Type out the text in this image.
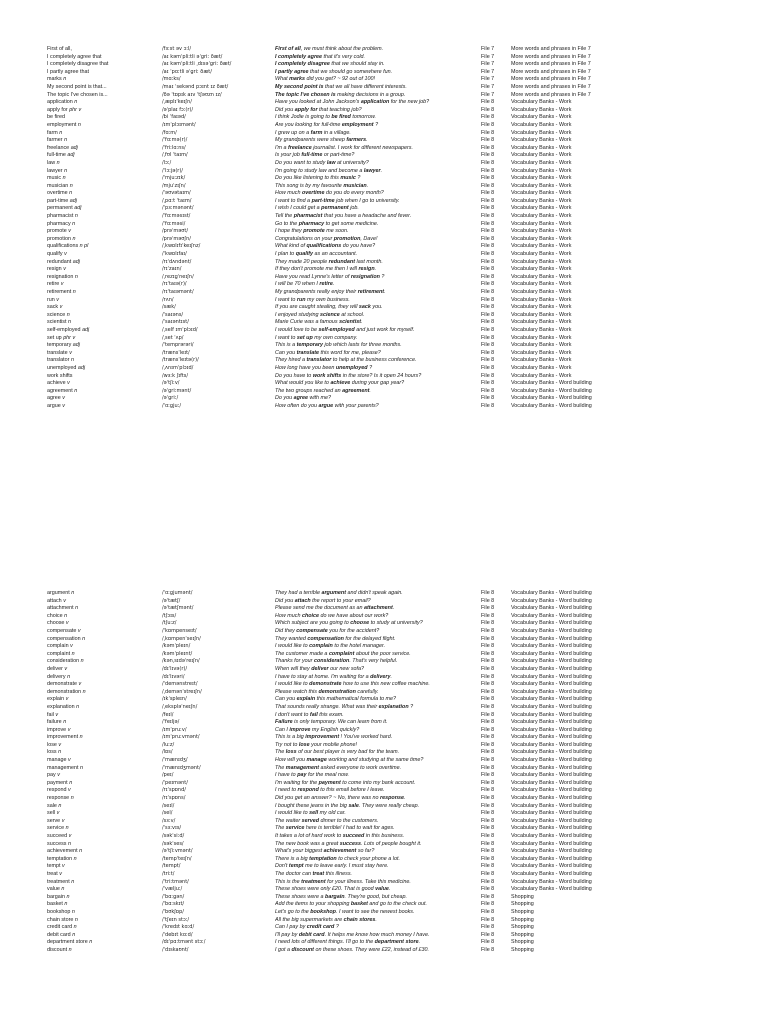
First of all,	/fɜːst əv ɔːl/	First of all, we must think about the problem.	File 7	More words and phrases in File 7
I completely agree that	/aɪ kəmˈpliːtli əˈɡriː ðæt/	I completely agree that it's very cold.	File 7	More words and phrases in File 7
I completely disagree that	/aɪ kəmˈpliːtli ˌdɪsəˈɡriː ðæt/	I completely disagree that we should stay in.	File 7	More words and phrases in File 7
I partly agree that	/aɪ ˈpɑːtli əˈɡriː ðæt/	I partly agree that we should go somewhere fun.	File 7	More words and phrases in File 7
marks n	/mɑːks/	What marks did you get? ~ 92 out of 100!	File 7	More words and phrases in File 7
My second point is that...	/maɪ ˈsekənd pɔɪnt ɪz ðæt/	My second point is that we all have different interests.	File 7	More words and phrases in File 7
The topic I've chosen is...	/ðə ˈtɒpɪk aɪv ˈtʃəʊzn ɪz/	The topic I've chosen is making decisions in a group.	File 7	More words and phrases in File 7
application n	/ˌæplɪˈkeɪʃn/	Have you looked at John Jackson's application for the new job?	File 8	Vocabulary Banks - Work
apply for phr v	/əˈplaɪ fɔː(r)/	Did you apply for that teaching job?	File 8	Vocabulary Banks - Work
be fired	/bi ˈfaɪəd/	I think Jodie is going to be fired tomorrow.	File 8	Vocabulary Banks - Work
employment n	/ɪmˈplɔɪmənt/	Are you looking for full-time employment ?	File 8	Vocabulary Banks - Work
farm n	/fɑːm/	I grew up on a farm in a village.	File 8	Vocabulary Banks - Work
farmer n	/ˈfɑːmə(r)/	My grandparents were sheep farmers.	File 8	Vocabulary Banks - Work
freelance adj	/ˈfriːlɑːns/	I'm a freelance journalist. I work for different newspapers.	File 8	Vocabulary Banks - Work
full-time adj	/ˌfʊl ˈtaɪm/	Is your job full-time or part-time?	File 8	Vocabulary Banks - Work
law n	/lɔː/	Do you want to study law at university?	File 8	Vocabulary Banks - Work
lawyer n	/ˈlɔːjə(r)/	I'm going to study law and become a lawyer.	File 8	Vocabulary Banks - Work
music n	/ˈmjuːzɪk/	Do you like listening to this music ?	File 8	Vocabulary Banks - Work
musician n	/mjuˈzɪʃn/	This song is by my favourite musician.	File 8	Vocabulary Banks - Work
overtime n	/ˈəʊvətaɪm/	How much overtime do you do every month?	File 8	Vocabulary Banks - Work
part-time adj	/ˌpɑːt ˈtaɪm/	I want to find a part-time job when I go to university.	File 8	Vocabulary Banks - Work
permanent adj	/ˈpɜːmənənt/	I wish I could get a permanent job.	File 8	Vocabulary Banks - Work
pharmacist n	/ˈfɑːməsɪst/	Tell the pharmacist that you have a headache and fever.	File 8	Vocabulary Banks - Work
pharmacy n	/ˈfɑːməsi/	Go to the pharmacy to get some medicine.	File 8	Vocabulary Banks - Work
promote v	/prəˈməʊt/	I hope they promote me soon.	File 8	Vocabulary Banks - Work
promotion n	/prəˈməʊʃn/	Congratulations on your promotion, Dave!	File 8	Vocabulary Banks - Work
qualifications n pl	/ˌkwɒlɪfɪˈkeɪʃnz/	What kind of qualifications do you have?	File 8	Vocabulary Banks - Work
qualify v	/ˈkwɒlɪfaɪ/	I plan to qualify as an accountant.	File 8	Vocabulary Banks - Work
redundant adj	/rɪˈdʌndənt/	They made 20 people redundant last month.	File 8	Vocabulary Banks - Work
resign v	/rɪˈzaɪn/	If they don't promote me then I will resign.	File 8	Vocabulary Banks - Work
resignation n	/ˌrezɪɡˈneɪʃn/	Have you read Lynne's letter of resignation ?	File 8	Vocabulary Banks - Work
retire v	/rɪˈtaɪə(r)/	I will be 70 when I retire.	File 8	Vocabulary Banks - Work
retirement n	/rɪˈtaɪəmənt/	My grandparents really enjoy their retirement.	File 8	Vocabulary Banks - Work
run v	/rʌn/	I want to run my own business.	File 8	Vocabulary Banks - Work
sack v	/sæk/	If you are caught stealing, they will sack you.	File 8	Vocabulary Banks - Work
science n	/ˈsaɪəns/	I enjoyed studying science at school.	File 8	Vocabulary Banks - Work
scientist n	/ˈsaɪəntɪst/	Marie Curie was a famous scientist.	File 8	Vocabulary Banks - Work
self-employed adj	/ˌself ɪmˈplɔɪd/	I would love to be self-employed and just work for myself.	File 8	Vocabulary Banks - Work
set up phr v	/ˌset ˈʌp/	I want to set up my own company.	File 8	Vocabulary Banks - Work
temporary adj	/ˈtemprərəri/	This is a temporary job which lasts for three months.	File 8	Vocabulary Banks - Work
translate v	/trænsˈleɪt/	Can you translate this word for me, please?	File 8	Vocabulary Banks - Work
translator n	/trænsˈleɪtə(r)/	They hired a translator to help at the business conference.	File 8	Vocabulary Banks - Work
unemployed adj	/ˌʌnɪmˈplɔɪd/	How long have you been unemployed ?	File 8	Vocabulary Banks - Work
work shifts	/wɜːk ʃɪfts/	Do you have to work shifts in the store? Is it open 24 hours?	File 8	Vocabulary Banks - Work
achieve v	/əˈtʃiːv/	What would you like to achieve during your gap year?	File 8	Vocabulary Banks - Word building
agreement n	/əˈɡriːmənt/	The two groups reached an agreement.	File 8	Vocabulary Banks - Word building
agree v	/əˈɡriː/	Do you agree with me?	File 8	Vocabulary Banks - Word building
argue v	/ˈɑːɡjuː/	How often do you argue with your parents?	File 8	Vocabulary Banks - Word building
argument n	/ˈɑːɡjumənt/	They had a terrible argument and didn't speak again.	File 8	Vocabulary Banks - Word building
attach v	/əˈtætʃ/	Did you attach the report to your email?	File 8	Vocabulary Banks - Word building
attachment n	/əˈtætʃmənt/	Please send me the document as an attachment.	File 8	Vocabulary Banks - Word building
choice n	/tʃɔɪs/	How much choice do we have about our work?	File 8	Vocabulary Banks - Word building
choose v	/tʃuːz/	Which subject are you going to choose to study at university?	File 8	Vocabulary Banks - Word building
compensate v	/ˈkɒmpenseɪt/	Did they compensate you for the accident?	File 8	Vocabulary Banks - Word building
compensation n	/ˌkɒmpenˈseɪʃn/	They wanted compensation for the delayed flight.	File 8	Vocabulary Banks - Word building
complain v	/kəmˈpleɪn/	I would like to complain to the hotel manager.	File 8	Vocabulary Banks - Word building
complaint n	/kəmˈpleɪnt/	The customer made a complaint about the poor service.	File 8	Vocabulary Banks - Word building
consideration n	/kənˌsɪdəˈreɪʃn/	Thanks for your consideration. That's very helpful.	File 8	Vocabulary Banks - Word building
deliver v	/dɪˈlɪvə(r)/	When will they deliver our new sofa?	File 8	Vocabulary Banks - Word building
delivery n	/dɪˈlɪvəri/	I have to stay at home. I'm waiting for a delivery.	File 8	Vocabulary Banks - Word building
demonstrate v	/ˈdemənstreɪt/	I would like to demonstrate how to use this new coffee machine.	File 8	Vocabulary Banks - Word building
demonstration n	/ˌdemənˈstreɪʃn/	Please watch this demonstration carefully.	File 8	Vocabulary Banks - Word building
explain v	/ɪkˈspleɪn/	Can you explain this mathematical formula to me?	File 8	Vocabulary Banks - Word building
explanation n	/ˌekspləˈneɪʃn/	That sounds really strange. What was their explanation ?	File 8	Vocabulary Banks - Word building
fail v	/feɪl/	I don't want to fail this exam.	File 8	Vocabulary Banks - Word building
failure n	/ˈfeɪljə/	Failure is only temporary. We can learn from it.	File 8	Vocabulary Banks - Word building
improve v	/ɪmˈpruːv/	Can I improve my English quickly?	File 8	Vocabulary Banks - Word building
improvement n	/ɪmˈpruːvmənt/	This is a big improvement ! You've worked hard.	File 8	Vocabulary Banks - Word building
lose v	/luːz/	Try not to lose your mobile phone!	File 8	Vocabulary Banks - Word building
loss n	/lɒs/	The loss of our best player is very bad for the team.	File 8	Vocabulary Banks - Word building
manage v	/ˈmænɪdʒ/	How will you manage working and studying at the same time?	File 8	Vocabulary Banks - Word building
management n	/ˈmænɪdʒmənt/	The management asked everyone to work overtime.	File 8	Vocabulary Banks - Word building
pay v	/peɪ/	I have to pay for the meal now.	File 8	Vocabulary Banks - Word building
payment n	/ˈpeɪmənt/	I'm waiting for the payment to come into my bank account.	File 8	Vocabulary Banks - Word building
respond v	/rɪˈspɒnd/	I need to respond to this email before I leave.	File 8	Vocabulary Banks - Word building
response n	/rɪˈspɒns/	Did you get an answer? ~ No, there was no response.	File 8	Vocabulary Banks - Word building
sale n	/seɪl/	I bought these jeans in the big sale. They were really cheap.	File 8	Vocabulary Banks - Word building
sell v	/sel/	I would like to sell my old car.	File 8	Vocabulary Banks - Word building
serve v	/sɜːv/	The waiter served dinner to the customers.	File 8	Vocabulary Banks - Word building
service n	/ˈsɜːvɪs/	The service here is terrible! I had to wait for ages.	File 8	Vocabulary Banks - Word building
succeed v	/səkˈsiːd/	It takes a lot of hard work to succeed in this business.	File 8	Vocabulary Banks - Word building
success n	/səkˈses/	The new book was a great success. Lots of people bought it.	File 8	Vocabulary Banks - Word building
achievement n	/əˈtʃiːvmənt/	What's your biggest achievement so far?	File 8	Vocabulary Banks - Word building
temptation n	/tempˈteɪʃn/	There is a big temptation to check your phone a lot.	File 8	Vocabulary Banks - Word building
tempt v	/tempt/	Don't tempt me to leave early. I must stay here.	File 8	Vocabulary Banks - Word building
treat v	/triːt/	The doctor can treat this illness.	File 8	Vocabulary Banks - Word building
treatment n	/ˈtriːtmənt/	This is the treatment for your illness. Take this medicine.	File 8	Vocabulary Banks - Word building
value n	/ˈvæljuː/	These shoes were only £20. That is good value.	File 8	Vocabulary Banks - Word building
bargain n	/ˈbɑːɡən/	These shoes were a bargain. They're good, but cheap.	File 8	Shopping
basket n	/ˈbɑːskɪt/	Add the items to your shopping basket and go to the check out.	File 8	Shopping
bookshop n	/ˈbʊkʃɒp/	Let's go to the bookshop. I want to see the newest books.	File 8	Shopping
chain store n	/ˈtʃeɪn stɔː/	All the big supermarkets are chain stores.	File 8	Shopping
credit card n	/ˈkredɪt kɑːd/	Can I pay by credit card ?	File 8	Shopping
debit card n	/ˈdebɪt kɑːd/	I'll pay by debit card. It helps me know how much money I have.	File 8	Shopping
department store n	/dɪˈpɑːtmənt stɔː/	I need lots of different things. I'll go to the department store.	File 8	Shopping
discount n	/ˈdɪskaʊnt/	I got a discount on these shoes. They were £22, instead of £30.	File 8	Shopping
